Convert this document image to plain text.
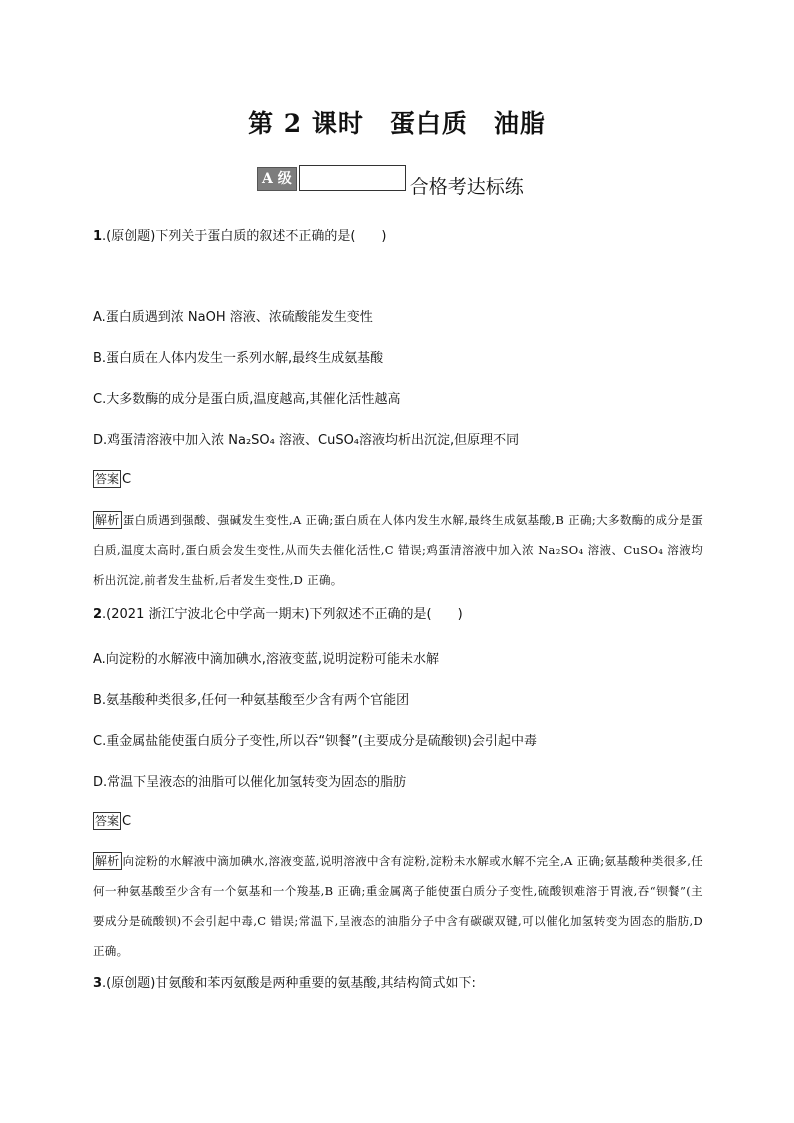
第 2 课时 蛋白质 油脂
A 级	合格考达标练
1.(原创题)下列关于蛋白质的叙述不正确的是(　　)
A.蛋白质遇到浓 NaOH 溶液、浓硫酸能发生变性
B.蛋白质在人体内发生一系列水解,最终生成氨基酸
C.大多数酶的成分是蛋白质,温度越高,其催化活性越高
D.鸡蛋清溶液中加入浓 Na₂SO₄ 溶液、CuSO₄溶液均析出沉淀,但原理不同
答案 C
解析 蛋白质遇到强酸、强碱发生变性,A 正确;蛋白质在人体内发生水解,最终生成氨基酸,B 正确;大多数酶的成分是蛋白质,温度太高时,蛋白质会发生变性,从而失去催化活性,C 错误;鸡蛋清溶液中加入浓 Na₂SO₄ 溶液、CuSO₄ 溶液均析出沉淀,前者发生盐析,后者发生变性,D 正确。
2.(2021 浙江宁波北仑中学高一期末)下列叙述不正确的是(　　)
A.向淀粉的水解液中滴加碘水,溶液变蓝,说明淀粉可能未水解
B.氨基酸种类很多,任何一种氨基酸至少含有两个官能团
C.重金属盐能使蛋白质分子变性,所以吞“钡餐”(主要成分是硫酸钡)会引起中毒
D.常温下呈液态的油脂可以催化加氢转变为固态的脂肪
答案 C
解析 向淀粉的水解液中滴加碘水,溶液变蓝,说明溶液中含有淀粉,淀粉未水解或水解不完全,A 正确;氨基酸种类很多,任何一种氨基酸至少含有一个氨基和一个羧基,B 正确;重金属离子能使蛋白质分子变性,硫酸钡难溶于胃液,吞“钡餐”(主要成分是硫酸钡)不会引起中毒,C 错误;常温下,呈液态的油脂分子中含有碳碳双键,可以催化加氢转变为固态的脂肪,D 正确。
3.(原创题)甘氨酸和苯丙氨酸是两种重要的氨基酸,其结构简式如下:
